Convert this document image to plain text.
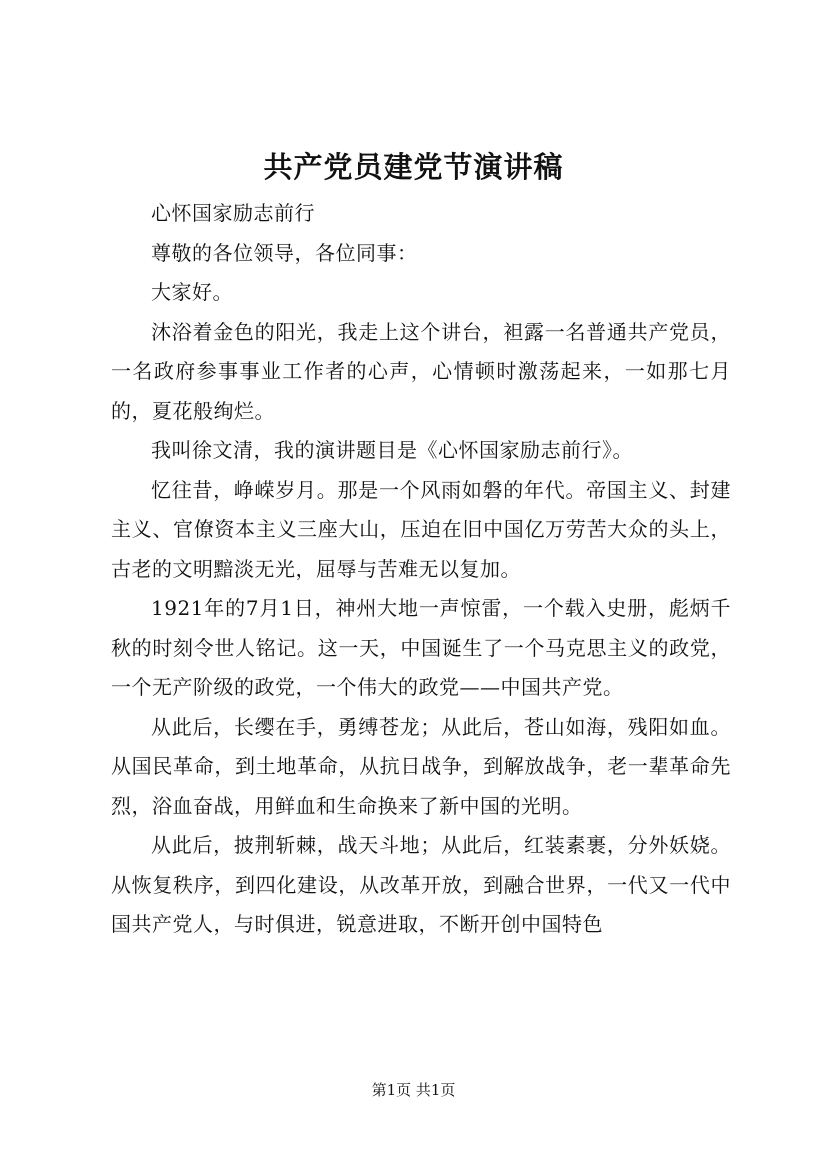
共产党员建党节演讲稿

心怀国家励志前行

尊敬的各位领导，各位同事：

大家好。

沐浴着金色的阳光，我走上这个讲台，袒露一名普通共产党员，一名政府参事事业工作者的心声，心情顿时激荡起来，一如那七月的，夏花般绚烂。

我叫徐文清，我的演讲题目是《心怀国家励志前行》。

忆往昔，峥嵘岁月。那是一个风雨如磐的年代。帝国主义、封建主义、官僚资本主义三座大山，压迫在旧中国亿万劳苦大众的头上，古老的文明黯淡无光，屈辱与苦难无以复加。

1921年的7月1日，神州大地一声惊雷，一个载入史册，彪炳千秋的时刻令世人铭记。这一天，中国诞生了一个马克思主义的政党，一个无产阶级的政党，一个伟大的政党——中国共产党。

从此后，长缨在手，勇缚苍龙；从此后，苍山如海，残阳如血。从国民革命，到土地革命，从抗日战争，到解放战争，老一辈革命先烈，浴血奋战，用鲜血和生命换来了新中国的光明。

从此后，披荆斩棘，战天斗地；从此后，红装素裹，分外妖娆。从恢复秩序，到四化建设，从改革开放，到融合世界，一代又一代中国共产党人，与时俱进，锐意进取，不断开创中国特色

第1页 共1页
